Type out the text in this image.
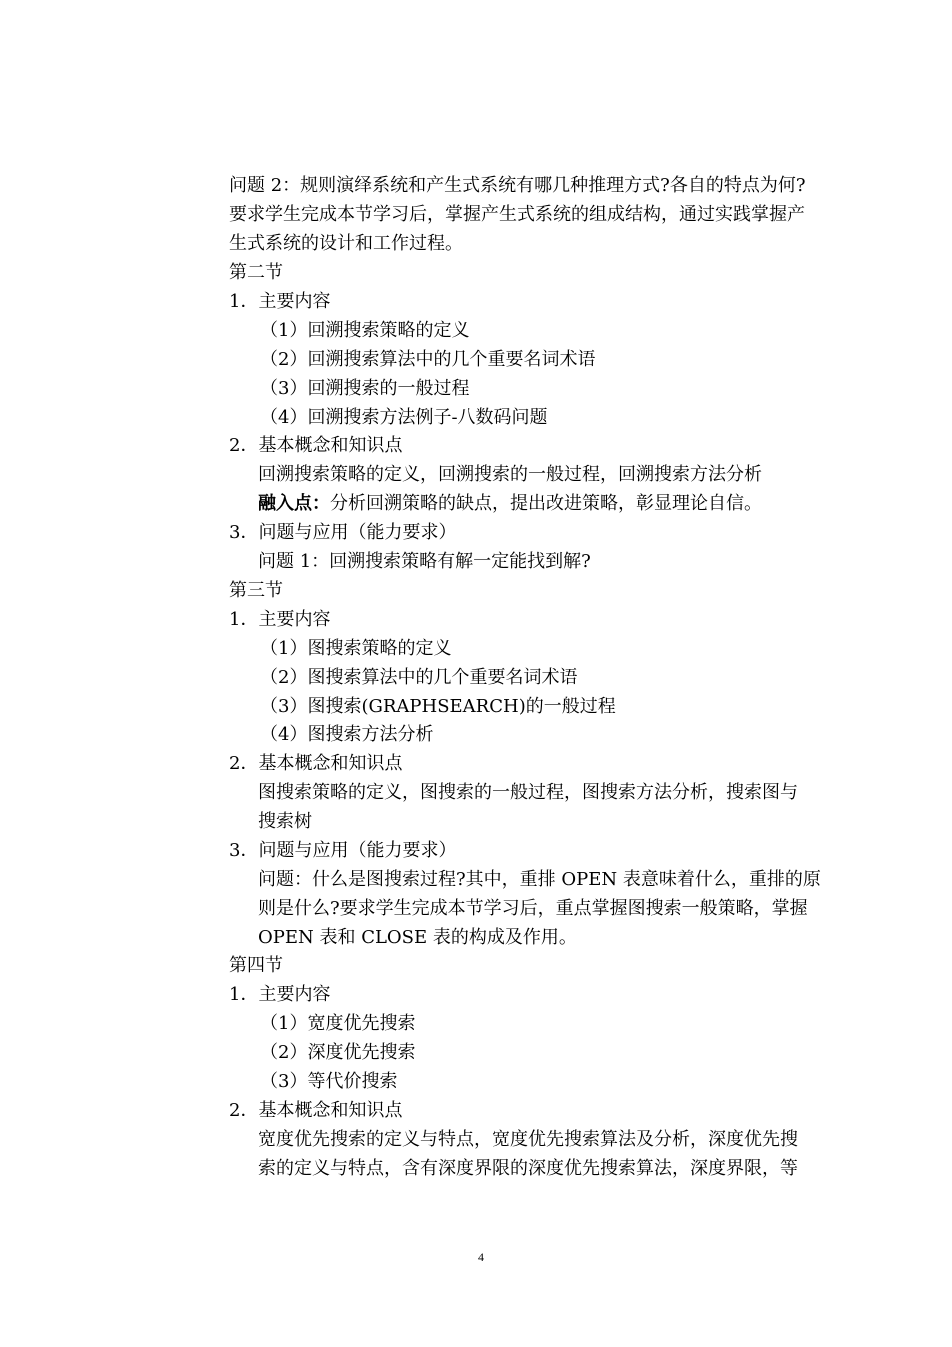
问题 2：规则演绎系统和产生式系统有哪几种推理方式?各自的特点为何?
要求学生完成本节学习后，掌握产生式系统的组成结构，通过实践掌握产
生式系统的设计和工作过程。
第二节
1．主要内容
（1）回溯搜索策略的定义
（2）回溯搜索算法中的几个重要名词术语
（3）回溯搜索的一般过程
（4）回溯搜索方法例子-八数码问题
2．基本概念和知识点
回溯搜索策略的定义，回溯搜索的一般过程，回溯搜索方法分析
融入点：分析回溯策略的缺点，提出改进策略，彰显理论自信。
3．问题与应用（能力要求）
问题 1：回溯搜索策略有解一定能找到解?
第三节
1．主要内容
（1）图搜索策略的定义
（2）图搜索算法中的几个重要名词术语
（3）图搜索(GRAPHSEARCH)的一般过程
（4）图搜索方法分析
2．基本概念和知识点
图搜索策略的定义，图搜索的一般过程，图搜索方法分析，搜索图与
搜索树
3．问题与应用（能力要求）
问题：什么是图搜索过程?其中，重排 OPEN 表意味着什么，重排的原
则是什么?要求学生完成本节学习后，重点掌握图搜索一般策略，掌握
OPEN 表和 CLOSE 表的构成及作用。
第四节
1．主要内容
（1）宽度优先搜索
（2）深度优先搜索
（3）等代价搜索
2．基本概念和知识点
宽度优先搜索的定义与特点，宽度优先搜索算法及分析，深度优先搜
索的定义与特点，含有深度界限的深度优先搜索算法，深度界限，等
4
